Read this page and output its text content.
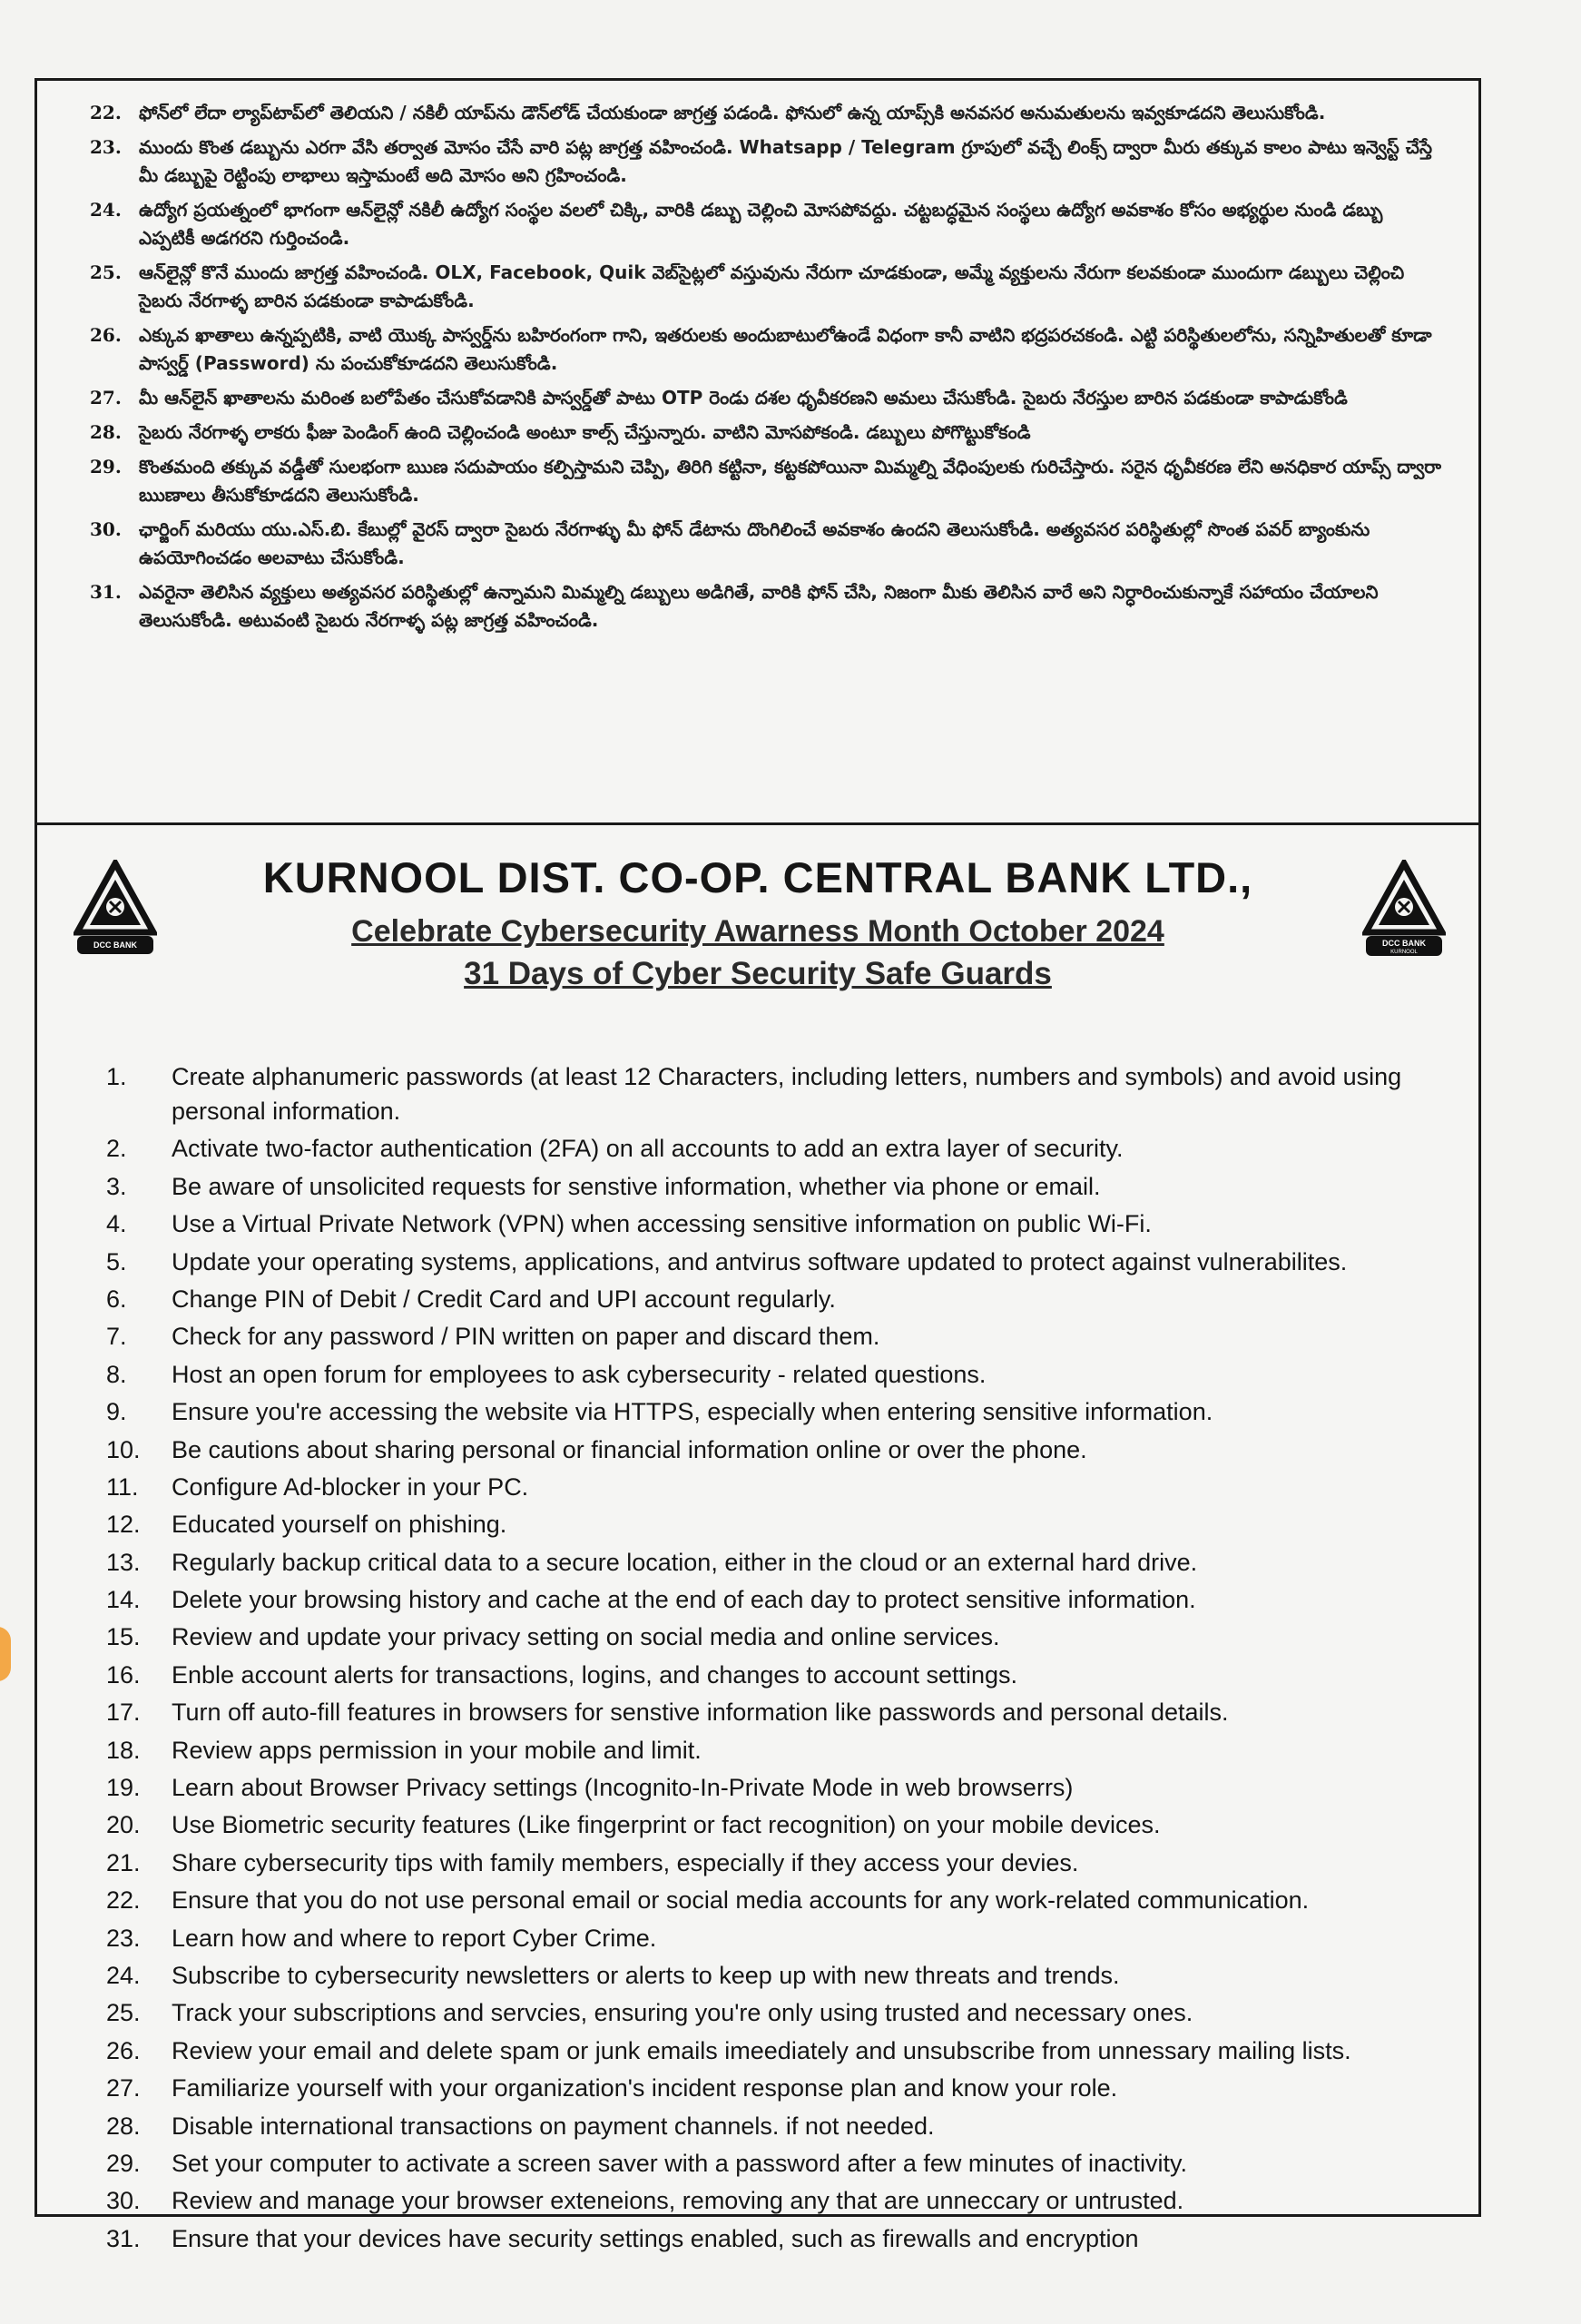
22. ఫోన్‌లో లేదా ల్యాప్‌టాప్‌లో తెలియని / నకిలీ యాప్‌ను డౌన్‌లోడ్ చేయకుండా జాగ్రత్త పడండి. ఫోనులో ఉన్న యాప్స్‌కి అనవసర అనుమతులను ఇవ్వకూడదని తెలుసుకోండి.
23. ముందు కొంత డబ్బును ఎరగా వేసి తర్వాత మోసం చేసే వారి పట్ల జాగ్రత్త వహించండి. Whatsapp / Telegram గ్రూపులో వచ్చే లింక్స్ ద్వారా మీరు తక్కువ కాలం పాటు ఇన్వెస్ట్ చేస్తే మీ డబ్బుపై రెట్టింపు లాభాలు ఇస్తామంటే అది మోసం అని గ్రహించండి.
24. ఉద్యోగ ప్రయత్నంలో భాగంగా ఆన్‌లైన్లో నకిలీ ఉద్యోగ సంస్థల వలలో చిక్కి, వారికి డబ్బు చెల్లించి మోసపోవద్దు. చట్టబద్ధమైన సంస్థలు ఉద్యోగ అవకాశం కోసం అభ్యర్థుల నుండి డబ్బు ఎప్పటికీ అడగరని గుర్తించండి.
25. ఆన్‌లైన్లో కొనే ముందు జాగ్రత్త వహించండి. OLX, Facebook, Quik వెబ్‌సైట్లలో వస్తువును నేరుగా చూడకుండా, అమ్మే వ్యక్తులను నేరుగా కలవకుండా ముందుగా డబ్బులు చెల్లించి సైబరు నేరగాళ్ళ బారిన పడకుండా కాపాడుకోండి.
26. ఎక్కువ ఖాతాలు ఉన్నప్పటికి, వాటి యొక్క పాస్వర్డ్‌ను బహిరంగంగా గాని, ఇతరులకు అందుబాటులోఉండే విధంగా కానీ వాటిని భద్రపరచకండి. ఎట్టి పరిస్థితులలోను, సన్నిహితులతో కూడా పాస్వర్డ్ (Password) ను పంచుకోకూడదని తెలుసుకోండి.
27. మీ ఆన్‌లైన్ ఖాతాలను మరింత బలోపేతం చేసుకోవడానికి పాస్వర్డ్‌తో పాటు OTP రెండు దశల ధృవీకరణని అమలు చేసుకోండి. సైబరు నేరస్తుల బారిన పడకుండా కాపాడుకోండి
28. సైబరు నేరగాళ్ళ లాకరు ఫీజు పెండింగ్ ఉంది చెల్లించండి అంటూ కాల్స్ చేస్తున్నారు. వాటిని మోసపోకండి. డబ్బులు పోగొట్టుకోకండి
29. కొంతమంది తక్కువ వడ్డీతో సులభంగా ఋణ సదుపాయం కల్పిస్తామని చెప్పి, తిరిగి కట్టినా, కట్టకపోయినా మిమ్మల్ని వేధింపులకు గురిచేస్తారు. సరైన ధృవీకరణ లేని అనధికార యాప్స్ ద్వారా ఋణాలు తీసుకోకూడదని తెలుసుకోండి.
30. ఛార్జింగ్ మరియు యు.ఎస్.బి. కేబుల్లో వైరస్ ద్వారా సైబరు నేరగాళ్ళు మీ ఫోన్ డేటాను దొంగిలించే అవకాశం ఉందని తెలుసుకోండి. అత్యవసర పరిస్థితుల్లో సొంత పవర్ బ్యాంకును ఉపయోగించడం అలవాటు చేసుకోండి.
31. ఎవరైనా తెలిసిన వ్యక్తులు అత్యవసర పరిస్థితుల్లో ఉన్నామని మిమ్మల్ని డబ్బులు అడిగితే, వారికి ఫోన్ చేసి, నిజంగా మీకు తెలిసిన వారే అని నిర్ధారించుకున్నాకే సహాయం చేయాలని తెలుసుకోండి. అటువంటి సైబరు నేరగాళ్ళ పట్ల జాగ్రత్త వహించండి.
DCC BANK	DCC BANK
KURNOOL
KURNOOL DIST. CO-OP. CENTRAL BANK LTD.,
Celebrate Cybersecurity Awarness Month October 2024
31 Days of Cyber Security Safe Guards
1.	Create alphanumeric passwords (at least 12 Characters, including letters, numbers and symbols) and avoid using personal information.
2.	Activate two-factor authentication (2FA) on all accounts to add an extra layer of security.
3.	Be aware of unsolicited requests for senstive information, whether via phone or email.
4.	Use a Virtual Private Network (VPN) when accessing sensitive information on public Wi-Fi.
5.	Update your operating systems, applications, and antvirus software updated to protect against vulnerabilites.
6.	Change PIN of Debit / Credit Card and UPI account regularly.
7.	Check for any password / PIN written on paper and discard them.
8.	Host an open forum for employees to ask cybersecurity - related questions.
9.	Ensure you're accessing the website via HTTPS, especially when entering sensitive information.
10.	Be cautions about sharing personal or financial information online or over the phone.
11.	Configure Ad-blocker in your PC.
12.	Educated yourself on phishing.
13.	Regularly backup critical data to a secure location, either in the cloud or an external hard drive.
14.	Delete your browsing history and cache at the end of each day to protect sensitive information.
15.	Review and update your privacy setting on social media and online services.
16.	Enble account alerts for transactions, logins, and changes to account settings.
17.	Turn off auto-fill features in browsers for senstive information like passwords and personal details.
18.	Review apps permission in your mobile and limit.
19.	Learn about Browser Privacy settings (Incognito-In-Private Mode in web browserrs)
20.	Use Biometric security features (Like fingerprint or fact recognition) on your mobile devices.
21.	Share cybersecurity tips with family members, especially if they access your devies.
22.	Ensure that you do not use personal email or social media accounts for any work-related communication.
23.	Learn how and where to report Cyber Crime.
24.	Subscribe to cybersecurity newsletters or alerts to keep up with new threats and trends.
25.	Track your subscriptions and servcies, ensuring you're only using trusted and necessary ones.
26.	Review your email and delete spam or junk emails imeediately and unsubscribe from unnessary mailing lists.
27.	Familiarize yourself with your organization's incident response plan and know your role.
28.	Disable international transactions on payment channels. if not needed.
29.	Set your computer to activate a screen saver with a password after a few minutes of inactivity.
30.	Review and manage your browser exteneions, removing any that are unneccary or untrusted.
31.	Ensure that your devices have security settings enabled, such as firewalls and encryption
